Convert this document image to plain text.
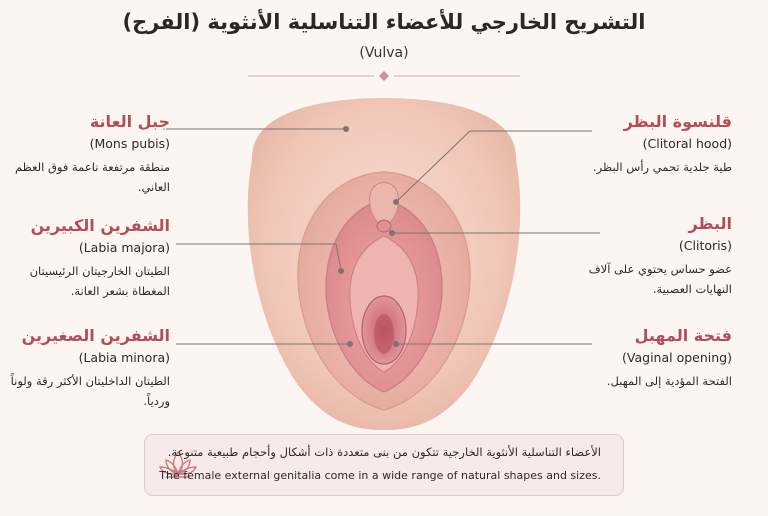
التشريح الخارجي للأعضاء التناسلية الأنثوية (الفرج)
(Vulva)
جبل العانة
(Mons pubis)
منطقة مرتفعة ناعمة فوق العظم العاني.
الشفرين الكبيرين
(Labia majora)
الطيتان الخارجيتان الرئيسيتان المغطاة بشعر العانة.
الشفرين الصغيرين
(Labia minora)
الطيتان الداخليتان الأكثر رقة ولوناً وردياً.
قلنسوة البظر
(Clitoral hood)
طية جلدية تحمي رأس البظر.
البظر
(Clitoris)
عضو حساس يحتوي على آلاف النهايات العصبية.
فتحة المهبل
(Vaginal opening)
الفتحة المؤدية إلى المهبل.
الأعضاء التناسلية الأنثوية الخارجية تتكون من بنى متعددة ذات أشكال وأحجام طبيعية متنوعة.
The female external genitalia come in a wide range of natural shapes and sizes.
